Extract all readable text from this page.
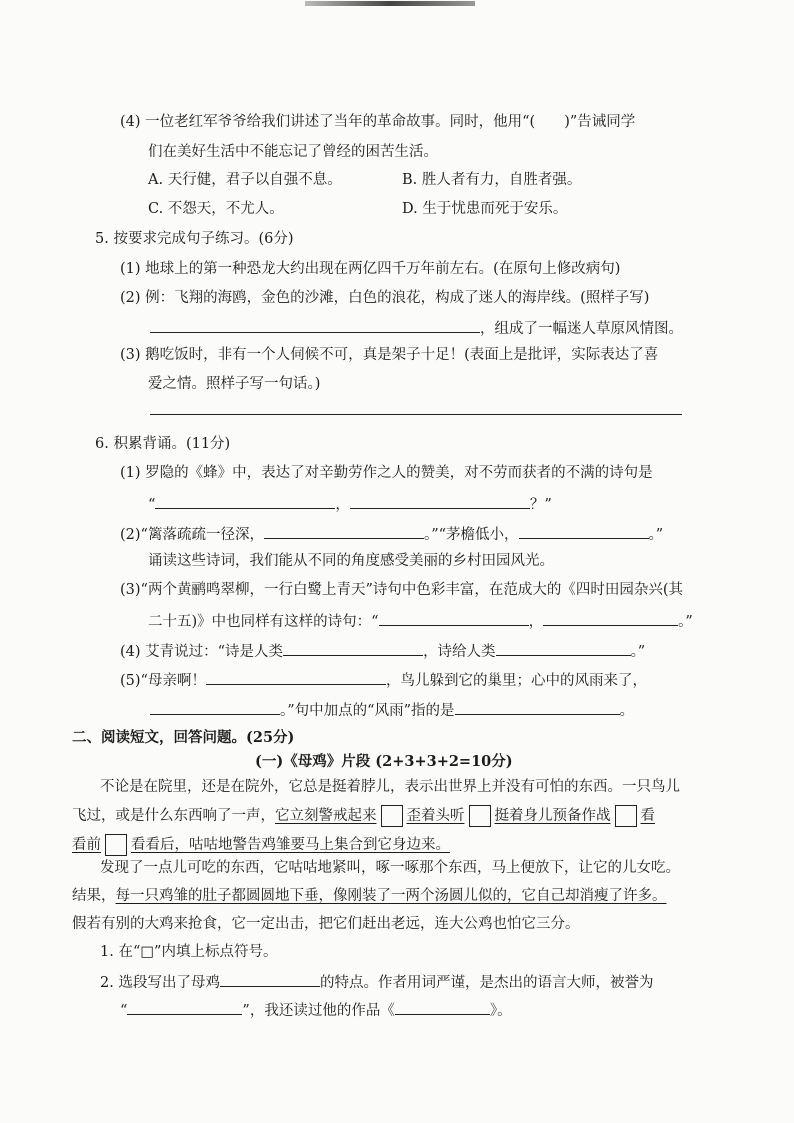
(4) 一位老红军爷爷给我们讲述了当年的革命故事。同时，他用“(　　)”告诫同学
们在美好生活中不能忘记了曾经的困苦生活。
A. 天行健，君子以自强不息。	B. 胜人者有力，自胜者强。
C. 不怨天，不尤人。	D. 生于忧患而死于安乐。
5. 按要求完成句子练习。(6分)
(1) 地球上的第一种恐龙大约出现在两亿四千万年前左右。(在原句上修改病句)
(2) 例：飞翔的海鸥，金色的沙滩，白色的浪花，构成了迷人的海岸线。(照样子写)
，组成了一幅迷人草原风情图。
(3) 鹅吃饭时，非有一个人伺候不可，真是架子十足！(表面上是批评，实际表达了喜
爱之情。照样子写一句话。)
6. 积累背诵。(11分)
(1) 罗隐的《蜂》中，表达了对辛勤劳作之人的赞美，对不劳而获者的不满的诗句是
“	，	？”
(2)“篱落疏疏一径深，	。”“茅檐低小，	。”
诵读这些诗词，我们能从不同的角度感受美丽的乡村田园风光。
(3)“两个黄鹂鸣翠柳，一行白鹭上青天”诗句中色彩丰富，在范成大的《四时田园杂兴(其
二十五)》中也同样有这样的诗句：“	，	。”
(4) 艾青说过：“诗是人类	，诗给人类	。”
(5)“母亲啊！	，鸟儿躲到它的巢里；心中的风雨来了，
。”句中加点的“风雨”指的是	。
二、阅读短文，回答问题。(25分)
(一)《母鸡》片段 (2+3+3+2=10分)
不论是在院里，还是在院外，它总是挺着脖儿，表示出世界上并没有可怕的东西。一只鸟儿
飞过，或是什么东西响了一声，它立刻警戒起来 歪着头听 挺着身儿预备作战 看
看前 看看后，咕咕地警告鸡雏要马上集合到它身边来。
发现了一点儿可吃的东西，它咕咕地紧叫，啄一啄那个东西，马上便放下，让它的儿女吃。
结果，每一只鸡雏的肚子都圆圆地下垂，像刚装了一两个汤圆儿似的，它自己却消瘦了许多。
假若有别的大鸡来抢食，它一定出击，把它们赶出老远，连大公鸡也怕它三分。
1. 在“□”内填上标点符号。
2. 选段写出了母鸡	的特点。作者用词严谨，是杰出的语言大师，被誉为
“	”，我还读过他的作品《	》。
